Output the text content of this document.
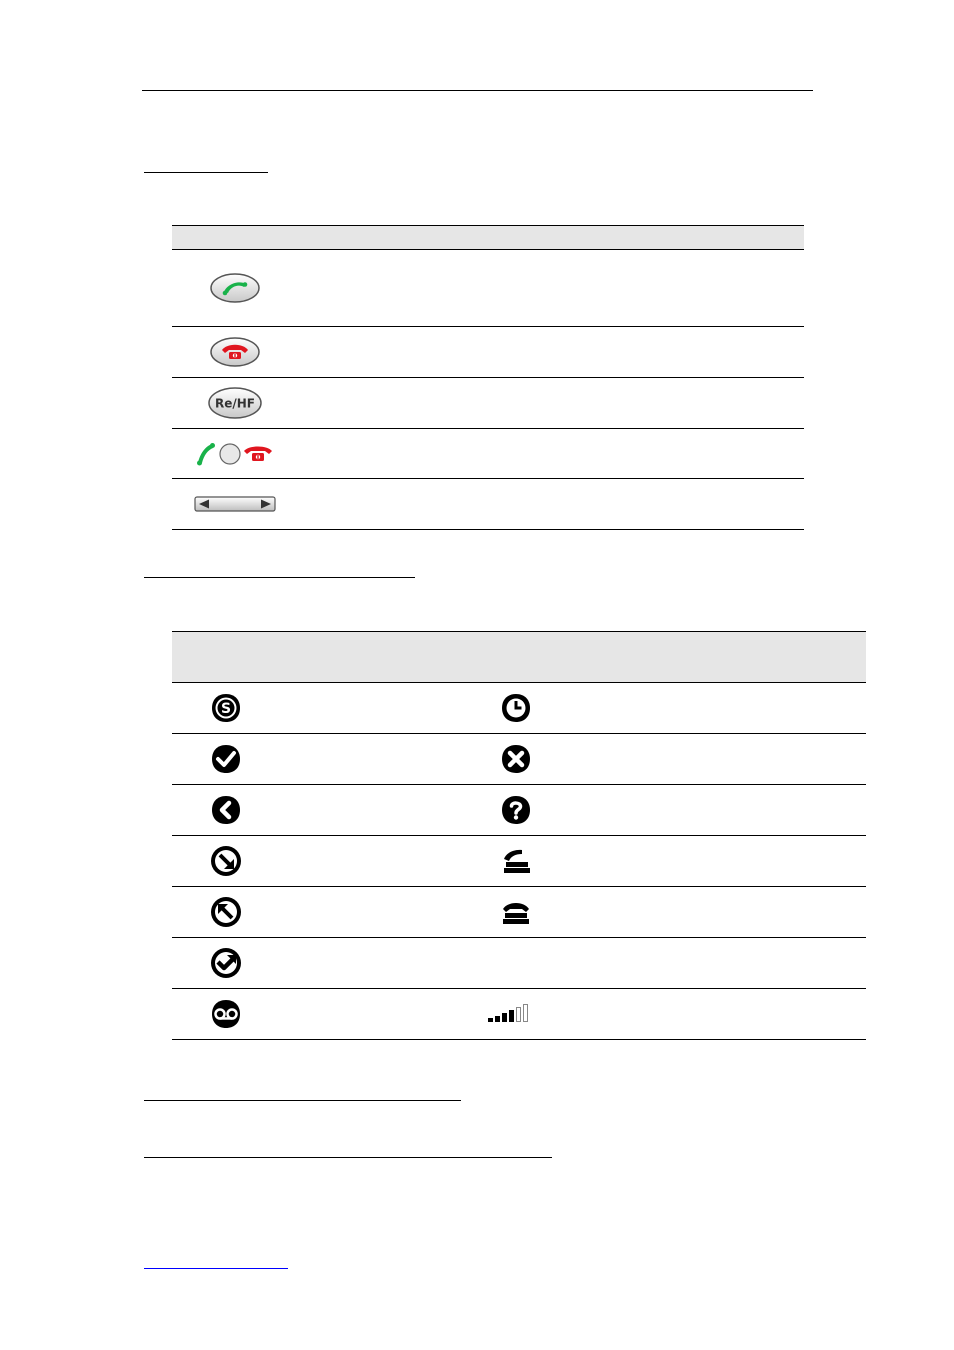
Re/HF
S
